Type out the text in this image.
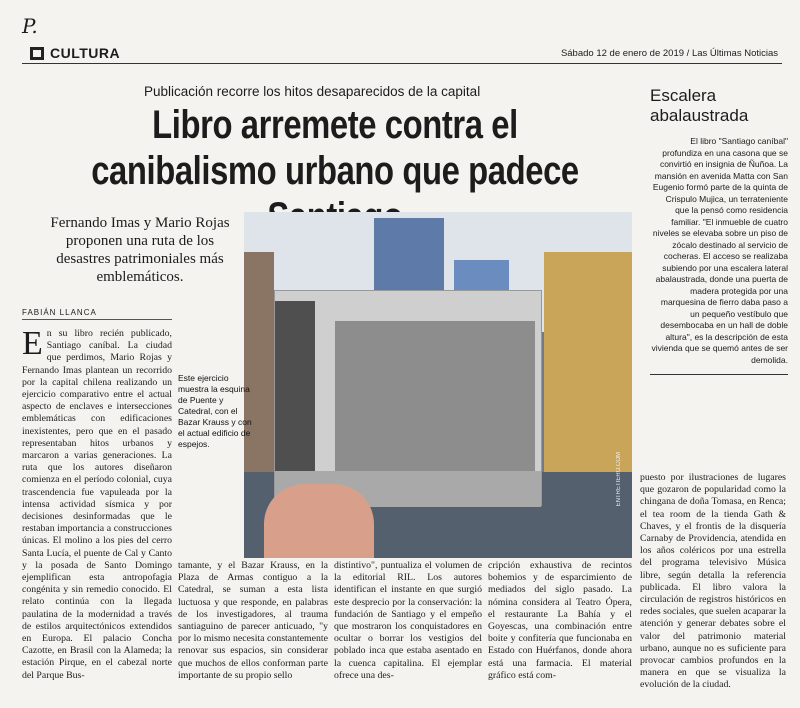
P.
CULTURA	Sábado 12 de enero de 2019 / Las Últimas Noticias
Publicación recorre los hitos desaparecidos de la capital
Libro arremete contra el canibalismo urbano que padece
Fernando Imas y Mario Rojas proponen una ruta de los desastres patrimoniales más emblemáticos.
FABIÁN LLANCA
ENTRETIERO.COM
Este ejercicio muestra la esquina de Puente y Catedral, con el Bazar Krauss y con el actual edificio de espejos.
Escalera abalaustrada
El libro "Santiago caníbal" profundiza en una casona que se convirtió en insignia de Ñuñoa. La mansión en avenida Matta con San Eugenio formó parte de la quinta de Crispulo Mujica, un terrateniente que la pensó como residencia familiar. "El inmueble de cuatro niveles se elevaba sobre un piso de zócalo destinado al servicio de cocheras. El acceso se realizaba subiendo por una escalera lateral abalaustrada, donde una puerta de madera protegida por una marquesina de fierro daba paso a un pequeño vestíbulo que desembocaba en un hall de doble altura", es la descripción de esta vivienda que se quemó antes de ser demolida.
E n su libro recién publicado, Santiago caníbal. La ciudad que perdimos, Mario Rojas y Fernando Imas plantean un recorrido por la capital chilena realizando un ejercicio comparativo entre el actual aspecto de enclaves e intersecciones emblemáticas con edificaciones inexistentes, pero que en el pasado representaban hitos urbanos y marcaron a varias generaciones. La ruta que los autores diseñaron comienza en el período colonial, cuya trascendencia fue vapuleada por la intensa actividad sísmica y por decisiones desinformadas que le restaban importancia a construcciones únicas. El molino a los pies del cerro Santa Lucía, el puente de Cal y Canto y la posada de Santo Domingo ejemplifican esta antropofagia congénita y sin remedio conocido. El relato continúa con la llegada paulatina de la modernidad a través de estilos arquitectónicos extendidos en Europa. El palacio Concha Cazotte, en Brasil con la Alameda; la estación Pirque, en el cabezal norte del Parque Bus-
tamante, y el Bazar Krauss, en la Plaza de Armas contiguo a la Catedral, se suman a esta lista luctuosa y que responde, en palabras de los investigadores, al trauma santiaguino de parecer anticuado, "y por lo mismo necesita constantemente renovar sus espacios, sin considerar que muchos de ellos conforman parte importante de su propio sello
distintivo", puntualiza el volumen de la editorial RIL. Los autores identifican el instante en que surgió este desprecio por la conservación: la fundación de Santiago y el empeño que mostraron los conquistadores en ocultar o borrar los vestigios del poblado inca que estaba asentado en la cuenca capitalina. El ejemplar ofrece una des-
cripción exhaustiva de recintos bohemios y de esparcimiento de mediados del siglo pasado. La nómina considera al Teatro Ópera, el restaurante La Bahía y el Goyescas, una combinación entre boite y confitería que funcionaba en Estado con Huérfanos, donde ahora está una farmacia. El material gráfico está com-
puesto por ilustraciones de lugares que gozaron de popularidad como la chingana de doña Tomasa, en Renca; el tea room de la tienda Gath & Chaves, y el frontis de la disquería Carnaby de Providencia, atendida en los años coléricos por una estrella del programa televisivo Música libre, según detalla la referencia publicada. El libro valora la circulación de registros históricos en redes sociales, que suelen acaparar la atención y generar debates sobre el valor del patrimonio material urbano, aunque no es suficiente para provocar cambios profundos en la manera en que se visualiza la evolución de la ciudad.
